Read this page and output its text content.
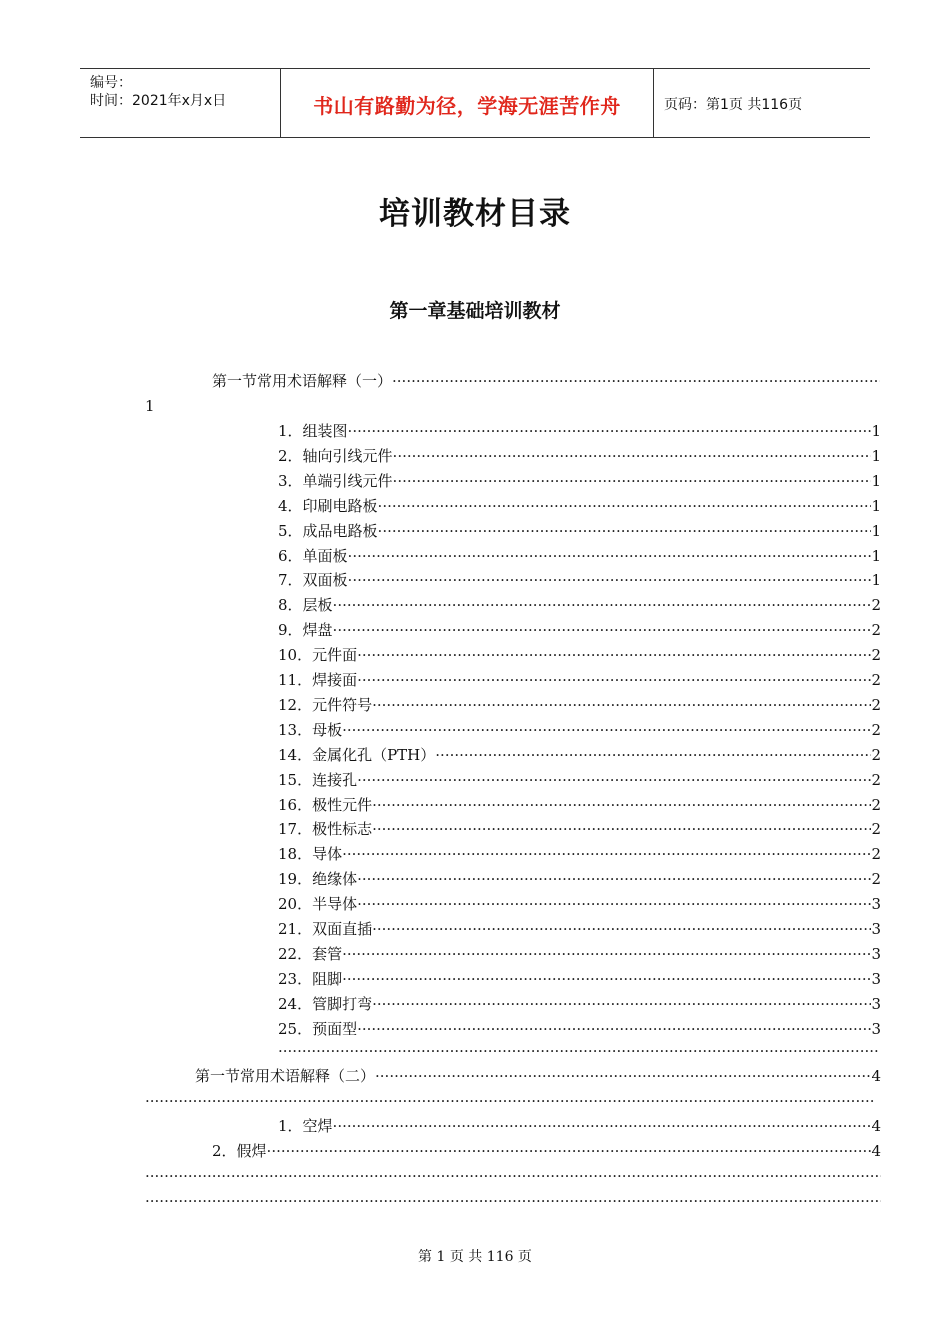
编号：
时间：2021年x月x日	书山有路勤为径，学海无涯苦作舟	页码：第1页 共116页
培训教材目录
第一章基础培训教材
第一节常用术语解释（一）
·····
1
1．组装图 ·····	1
2．轴向引线元件 ·····	1
3．单端引线元件 ·····	1
4．印刷电路板 ·····	1
5．成品电路板 ·····	1
6．单面板 ·····	1
7．双面板 ·····	1
8．层板 ·····	2
9．焊盘 ·····	2
10．元件面 ·····	2
11．焊接面 ·····	2
12．元件符号 ·····	2
13．母板 ·····	2
14．金属化孔（PTH） ·····	2
15．连接孔 ·····	2
16．极性元件 ·····	2
17．极性标志 ·····	2
18．导体 ·····	2
19．绝缘体 ·····	2
20．半导体 ·····	3
21．双面直插 ·····	3
22．套管 ·····	3
23．阻脚 ·····	3
24．管脚打弯 ·····	3
25．预面型 ·····	3
·····
第一节常用术语解释（二） ·····	4
·····
1．空焊 ·····	4
2．假焊 ·····	4
·····
·····
第 1 页 共 116 页
